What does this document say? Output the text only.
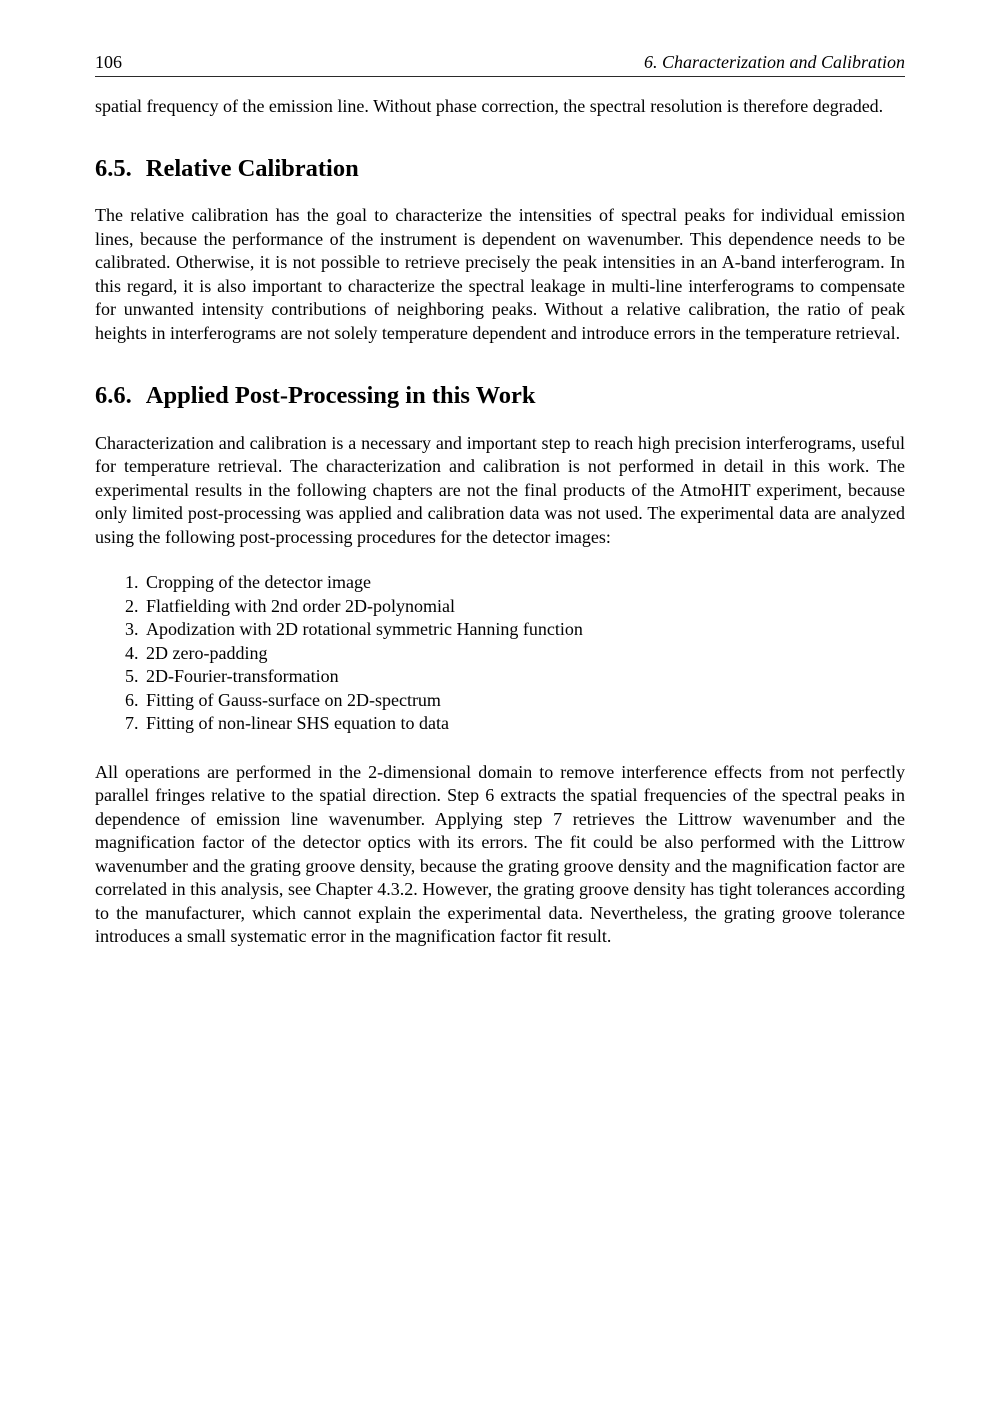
106	6. Characterization and Calibration

spatial frequency of the emission line. Without phase correction, the spectral resolution is therefore degraded.

6.5. Relative Calibration

The relative calibration has the goal to characterize the intensities of spectral peaks for individual emission lines, because the performance of the instrument is dependent on wavenumber. This dependence needs to be calibrated. Otherwise, it is not possible to retrieve precisely the peak intensities in an A-band interferogram. In this regard, it is also important to characterize the spectral leakage in multi-line interferograms to compensate for unwanted intensity contributions of neighboring peaks. Without a relative calibration, the ratio of peak heights in interferograms are not solely temperature dependent and introduce errors in the temperature retrieval.

6.6. Applied Post-Processing in this Work

Characterization and calibration is a necessary and important step to reach high precision interferograms, useful for temperature retrieval. The characterization and calibration is not performed in detail in this work. The experimental results in the following chapters are not the final products of the AtmoHIT experiment, because only limited post-processing was applied and calibration data was not used. The experimental data are analyzed using the following post-processing procedures for the detector images:

1. Cropping of the detector image
2. Flatfielding with 2nd order 2D-polynomial
3. Apodization with 2D rotational symmetric Hanning function
4. 2D zero-padding
5. 2D-Fourier-transformation
6. Fitting of Gauss-surface on 2D-spectrum
7. Fitting of non-linear SHS equation to data

All operations are performed in the 2-dimensional domain to remove interference effects from not perfectly parallel fringes relative to the spatial direction. Step 6 extracts the spatial frequencies of the spectral peaks in dependence of emission line wavenumber. Applying step 7 retrieves the Littrow wavenumber and the magnification factor of the detector optics with its errors. The fit could be also performed with the Littrow wavenumber and the grating groove density, because the grating groove density and the magnification factor are correlated in this analysis, see Chapter 4.3.2. However, the grating groove density has tight tolerances according to the manufacturer, which cannot explain the experimental data. Nevertheless, the grating groove tolerance introduces a small systematic error in the magnification factor fit result.
